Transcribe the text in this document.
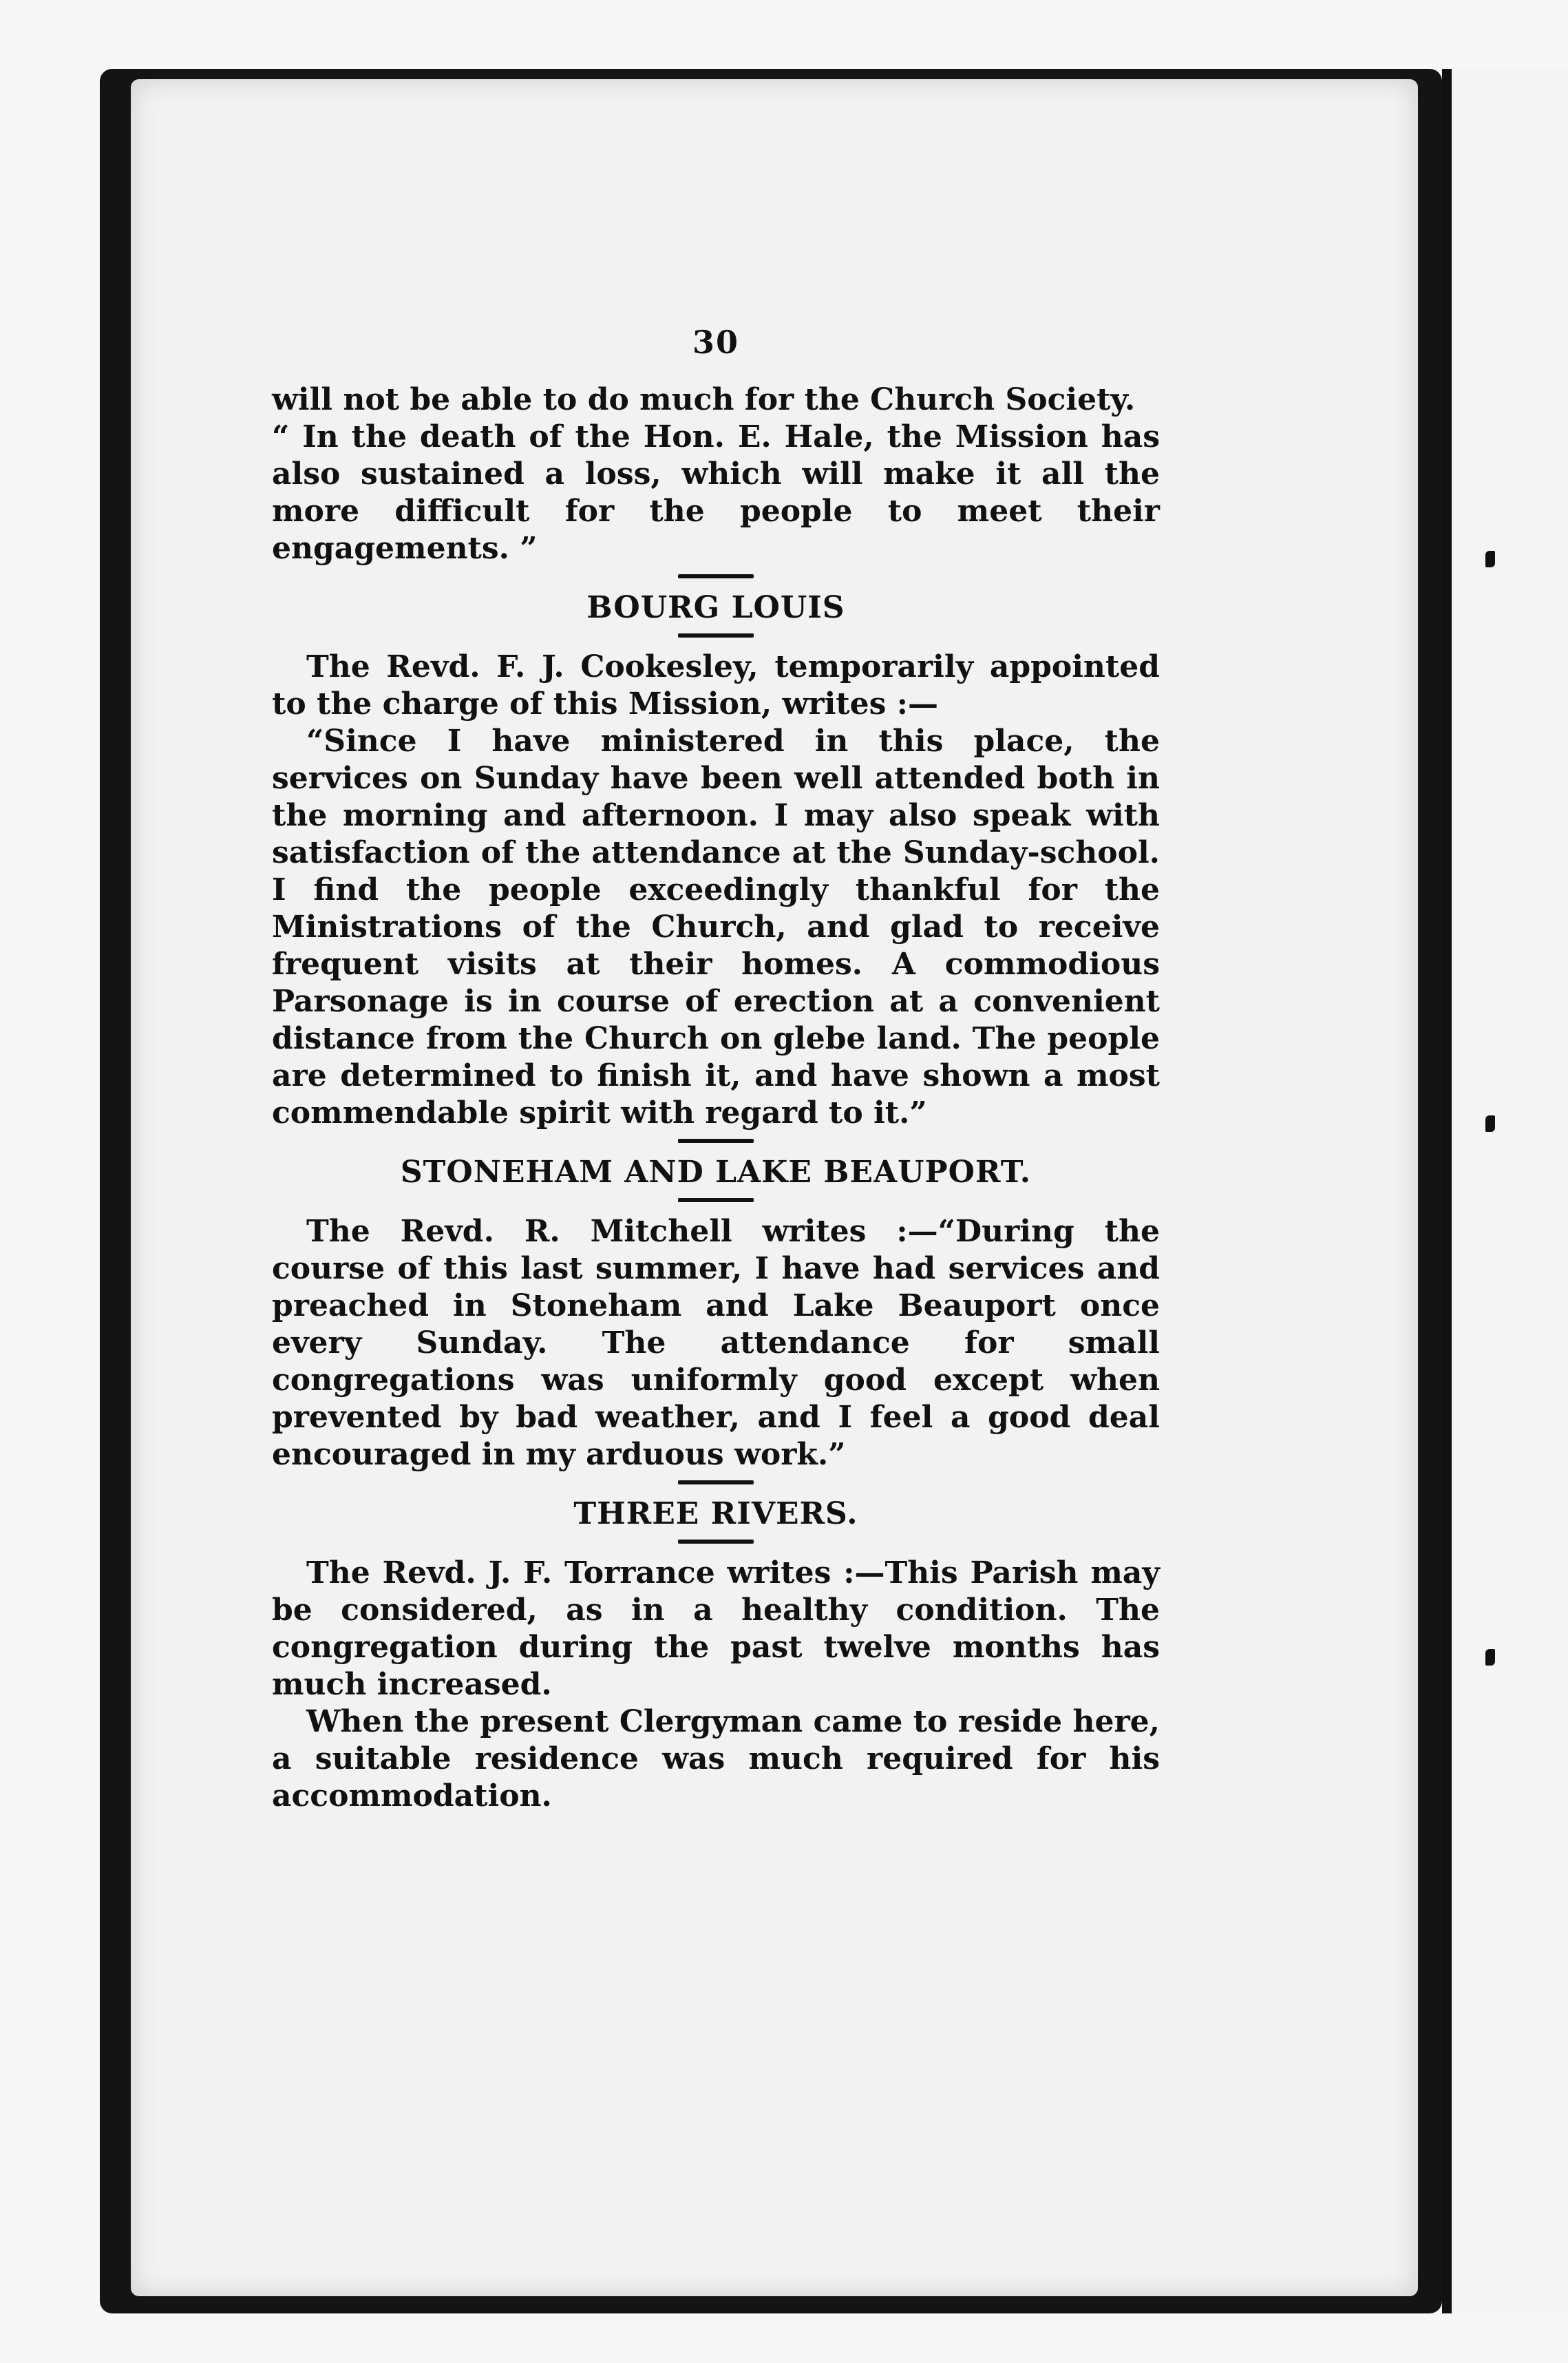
30

will not be able to do much for the Church Society.

“ In the death of the Hon. E. Hale, the Mission has also sustained a loss, which will make it all the more difficult for the people to meet their engagements. ”

BOURG LOUIS

The Revd. F. J. Cookesley, temporarily appointed to the charge of this Mission, writes :—

“Since I have ministered in this place, the services on Sunday have been well attended both in the morning and afternoon. I may also speak with satisfaction of the attendance at the Sunday-school. I find the people exceedingly thankful for the Ministrations of the Church, and glad to receive frequent visits at their homes. A commodious Parsonage is in course of erection at a convenient distance from the Church on glebe land. The people are determined to finish it, and have shown a most commendable spirit with regard to it.”

STONEHAM AND LAKE BEAUPORT.

The Revd. R. Mitchell writes :—“During the course of this last summer, I have had services and preached in Stoneham and Lake Beauport once every Sunday. The attendance for small congregations was uniformly good except when prevented by bad weather, and I feel a good deal encouraged in my arduous work.”

THREE RIVERS.

The Revd. J. F. Torrance writes :—This Parish may be considered, as in a healthy condition. The congregation during the past twelve months has much increased.

When the present Clergyman came to reside here, a suitable residence was much required for his accommodation.
